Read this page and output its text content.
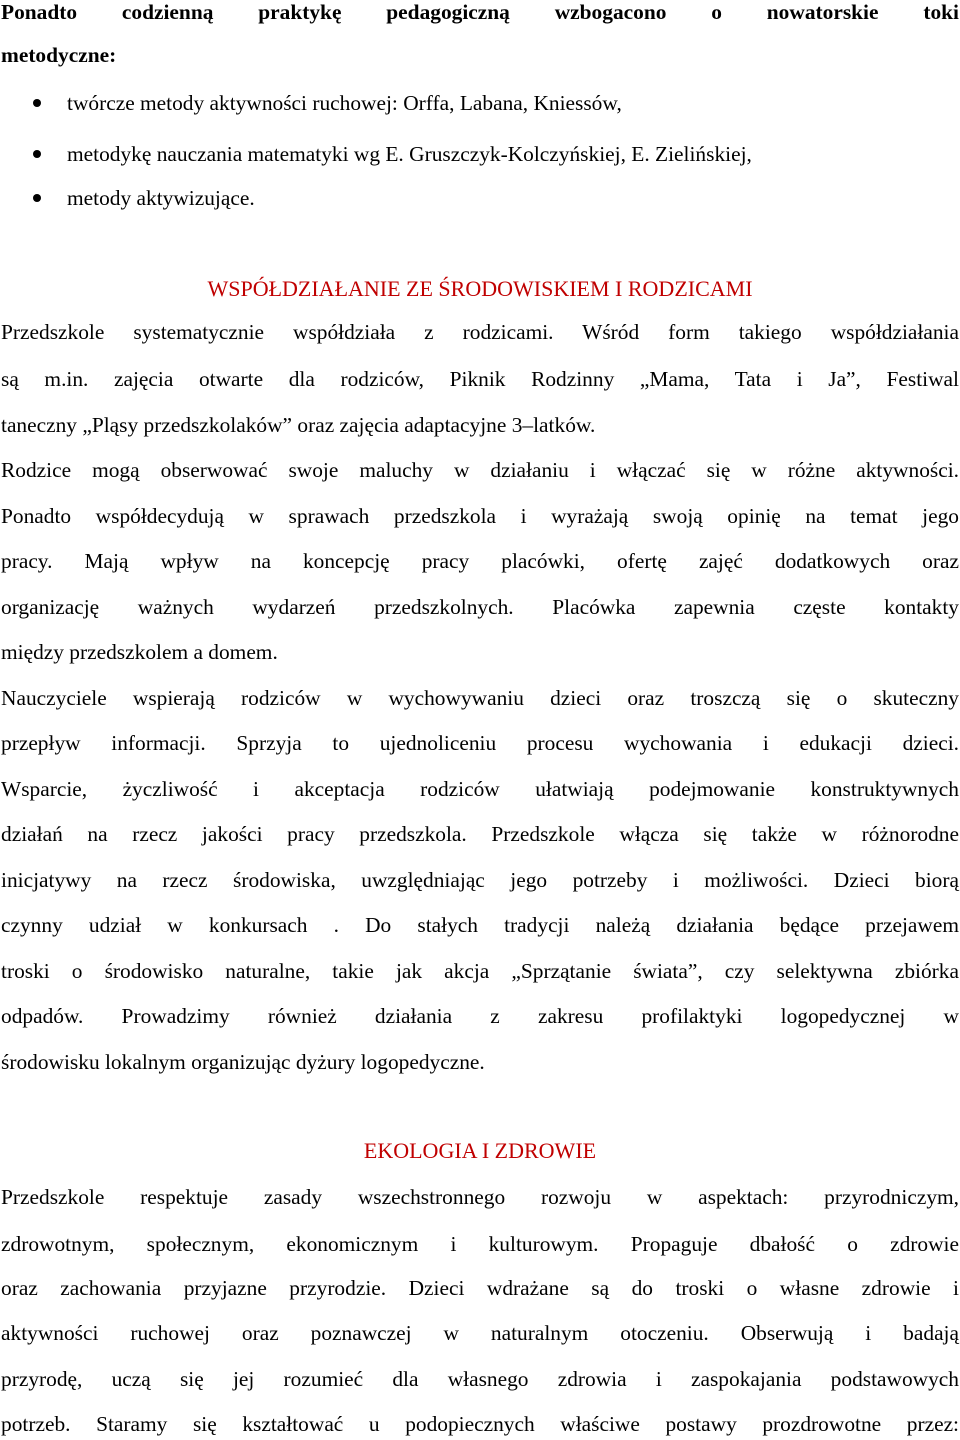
Ponadto codzienną praktykę pedagogiczną wzbogacono o nowatorskie toki
metodyczne:
twórcze metody aktywności ruchowej: Orffa, Labana, Kniessów,
metodykę nauczania matematyki wg E. Gruszczyk-Kolczyńskiej, E. Zielińskiej,
metody aktywizujące.
WSPÓŁDZIAŁANIE ZE ŚRODOWISKIEM I RODZICAMI
Przedszkole systematycznie współdziała z rodzicami. Wśród form takiego współdziałania
są m.in. zajęcia otwarte dla rodziców, Piknik Rodzinny „Mama, Tata i Ja”, Festiwal
taneczny „Pląsy przedszkolaków” oraz zajęcia adaptacyjne 3–latków.
Rodzice mogą obserwować swoje maluchy w działaniu i włączać się w różne aktywności.
Ponadto współdecydują w sprawach przedszkola i wyrażają swoją opinię na temat jego
pracy. Mają wpływ na koncepcję pracy placówki, ofertę zajęć dodatkowych oraz
organizację ważnych wydarzeń przedszkolnych. Placówka zapewnia częste kontakty
między przedszkolem a domem.
Nauczyciele wspierają rodziców w wychowywaniu dzieci oraz troszczą się o skuteczny
przepływ informacji. Sprzyja to ujednoliceniu procesu wychowania i edukacji dzieci.
Wsparcie, życzliwość i akceptacja rodziców ułatwiają podejmowanie konstruktywnych
działań na rzecz jakości pracy przedszkola. Przedszkole włącza się także w różnorodne
inicjatywy na rzecz środowiska, uwzględniając jego potrzeby i możliwości. Dzieci biorą
czynny udział w konkursach . Do stałych tradycji należą działania będące przejawem
troski o środowisko naturalne, takie jak akcja „Sprzątanie świata”, czy selektywna zbiórka
odpadów. Prowadzimy również działania z zakresu profilaktyki logopedycznej w
środowisku lokalnym organizując dyżury logopedyczne.
EKOLOGIA I ZDROWIE
Przedszkole respektuje zasady wszechstronnego rozwoju w aspektach: przyrodniczym,
zdrowotnym, społecznym, ekonomicznym i kulturowym. Propaguje dbałość o zdrowie
oraz zachowania przyjazne przyrodzie. Dzieci wdrażane są do troski o własne zdrowie i
aktywności ruchowej oraz poznawczej w naturalnym otoczeniu. Obserwują i badają
przyrodę, uczą się jej rozumieć dla własnego zdrowia i zaspokajania podstawowych
potrzeb. Staramy się kształtować u podopiecznych właściwe postawy prozdrowotne przez:
